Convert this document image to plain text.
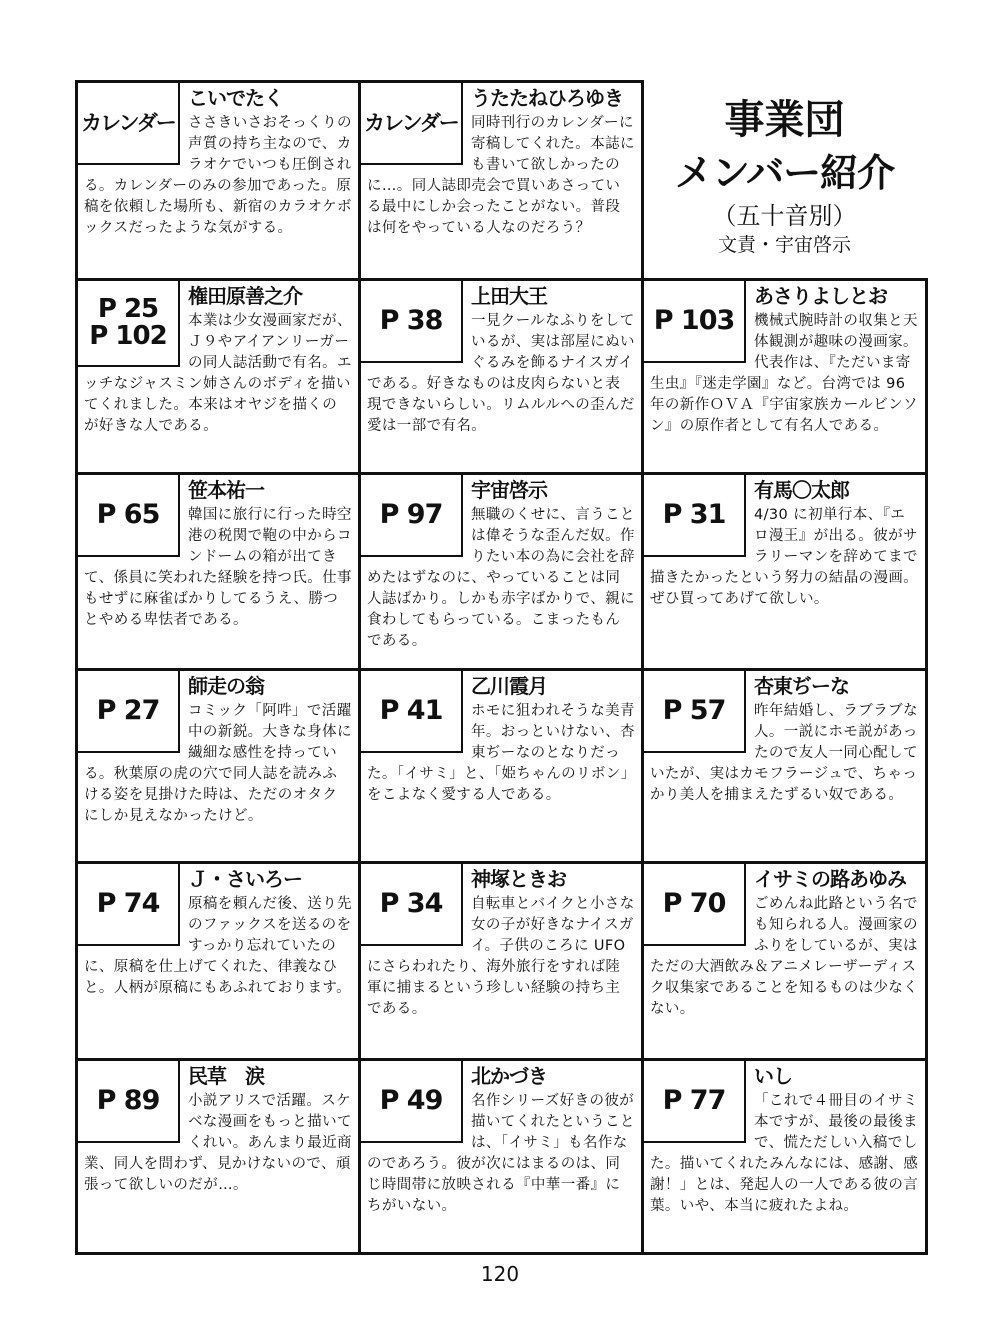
カレンダー
こいでたく
ささきいさおそっくりの声質の持ち主なので、カラオケでいつも圧倒される。カレンダーのみの参加であった。原稿を依頼した場所も、新宿のカラオケボックスだったような気がする。
カレンダー
うたたねひろゆき
同時刊行のカレンダーに寄稿してくれた。本誌にも書いて欲しかったのに…。同人誌即売会で買いあさっている最中にしか会ったことがない。普段は何をやっている人なのだろう？
事業団
メンバー紹介
（五十音別）
文責・宇宙啓示
P 25
P 102
権田原善之介
本業は少女漫画家だが、Ｊ９やアイアンリーガーの同人誌活動で有名。エッチなジャスミン姉さんのボディを描いてくれました。本来はオヤジを描くのが好きな人である。
P 38
上田大王
一見クールなふりをしているが、実は部屋にぬいぐるみを飾るナイスガイである。好きなものは皮肉らないと表現できないらしい。リムルルへの歪んだ愛は一部で有名。
P 103
あさりよしとお
機械式腕時計の収集と天体観測が趣味の漫画家。代表作は、『ただいま寄生虫』『迷走学園』など。台湾では 96 年の新作ＯＶＡ『宇宙家族カールビンソン』の原作者として有名人である。
P 65
笹本祐一
韓国に旅行に行った時空港の税関で鞄の中からコンドームの箱が出てきて、係員に笑われた経験を持つ氏。仕事もせずに麻雀ばかりしてるうえ、勝つとやめる卑怯者である。
P 97
宇宙啓示
無職のくせに、言うことは偉そうな歪んだ奴。作りたい本の為に会社を辞めたはずなのに、やっていることは同人誌ばかり。しかも赤字ばかりで、親に食わしてもらっている。こまったもんである。
P 31
有馬〇太郎
4/30 に初単行本、『エロ漫王』が出る。彼がサラリーマンを辞めてまで描きたかったという努力の結晶の漫画。ぜひ買ってあげて欲しい。
P 27
師走の翁
コミック「阿吽」で活躍中の新鋭。大きな身体に繊細な感性を持っている。秋葉原の虎の穴で同人誌を読みふける姿を見掛けた時は、ただのオタクにしか見えなかったけど。
P 41
乙川霞月
ホモに狙われそうな美青年。おっといけない、杏東ぢーなのとなりだった。「イサミ」と、「姫ちゃんのリボン」をこよなく愛する人である。
P 57
杏東ぢーな
昨年結婚し、ラブラブな人。一説にホモ説があったので友人一同心配していたが、実はカモフラージュで、ちゃっかり美人を捕まえたずるい奴である。
P 74
Ｊ・さいろー
原稿を頼んだ後、送り先のファックスを送るのをすっかり忘れていたのに、原稿を仕上げてくれた、律義なひと。人柄が原稿にもあふれております。
P 34
神塚ときお
自転車とバイクと小さな女の子が好きなナイスガイ。子供のころに UFO にさらわれたり、海外旅行をすれば陸軍に捕まるという珍しい経験の持ち主である。
P 70
イサミの路あゆみ
ごめんね此路という名でも知られる人。漫画家のふりをしているが、実はただの大酒飲み＆アニメレーザーディスク収集家であることを知るものは少なくない。
P 89
民草　涙
小説アリスで活躍。スケベな漫画をもっと描いてくれい。あんまり最近商業、同人を問わず、見かけないので、頑張って欲しいのだが…。
P 49
北かづき
名作シリーズ好きの彼が描いてくれたということは、「イサミ」も名作なのであろう。彼が次にはまるのは、同じ時間帯に放映される『中華一番』にちがいない。
P 77
いし
「これで４冊目のイサミ本ですが、最後の最後まで、慌ただしい入稿でした。描いてくれたみんなには、感謝、感謝！」とは、発起人の一人である彼の言葉。いや、本当に疲れたよね。
120
